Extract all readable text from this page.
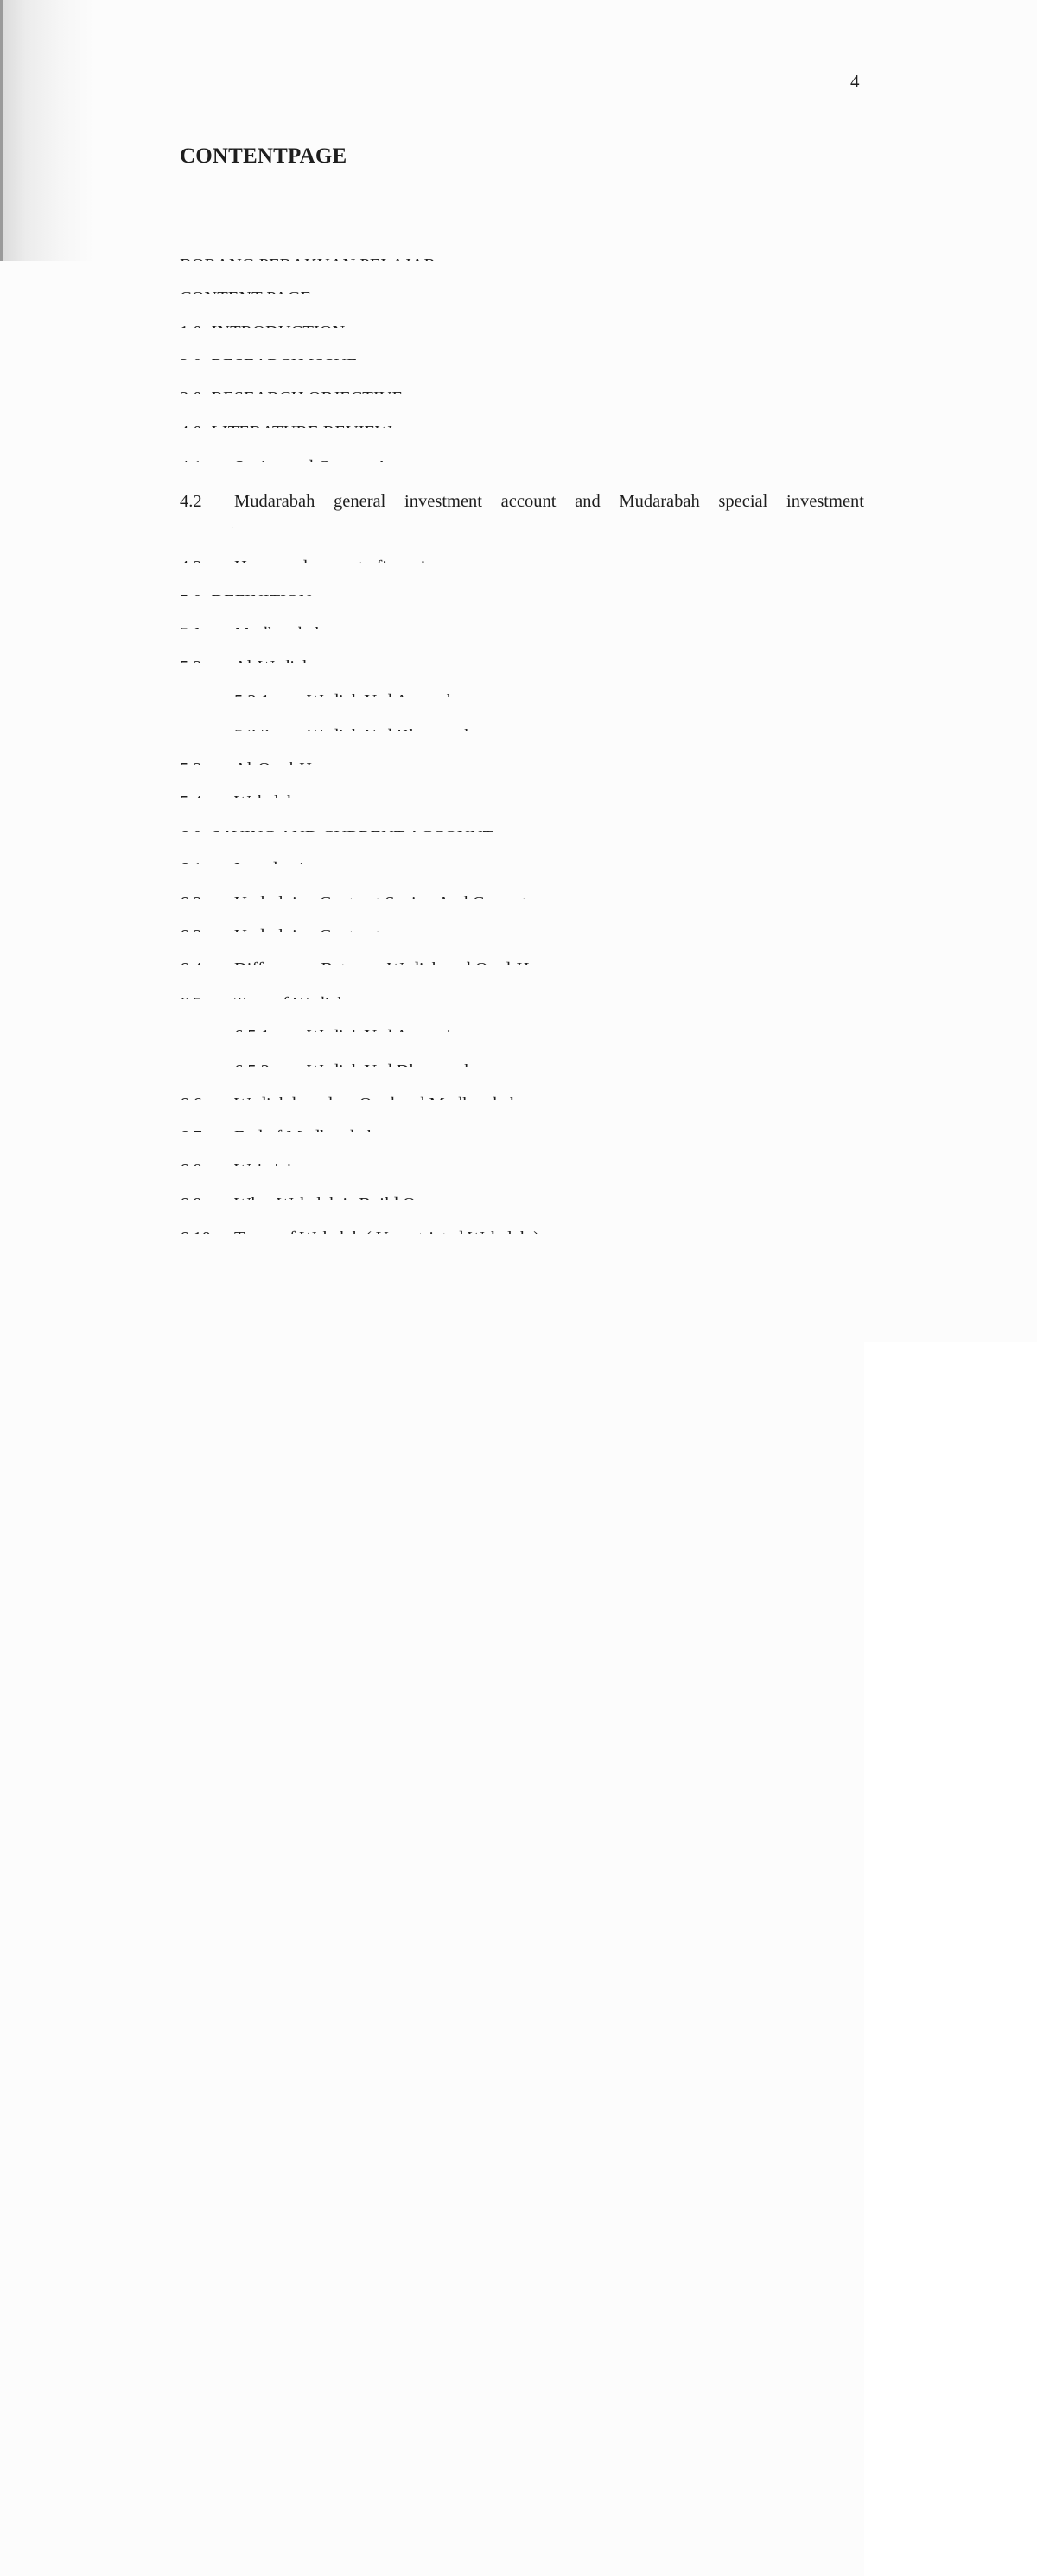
4
CONTENTPAGE
4.2 Mudarabah general investment account and Mudarabah special investment
